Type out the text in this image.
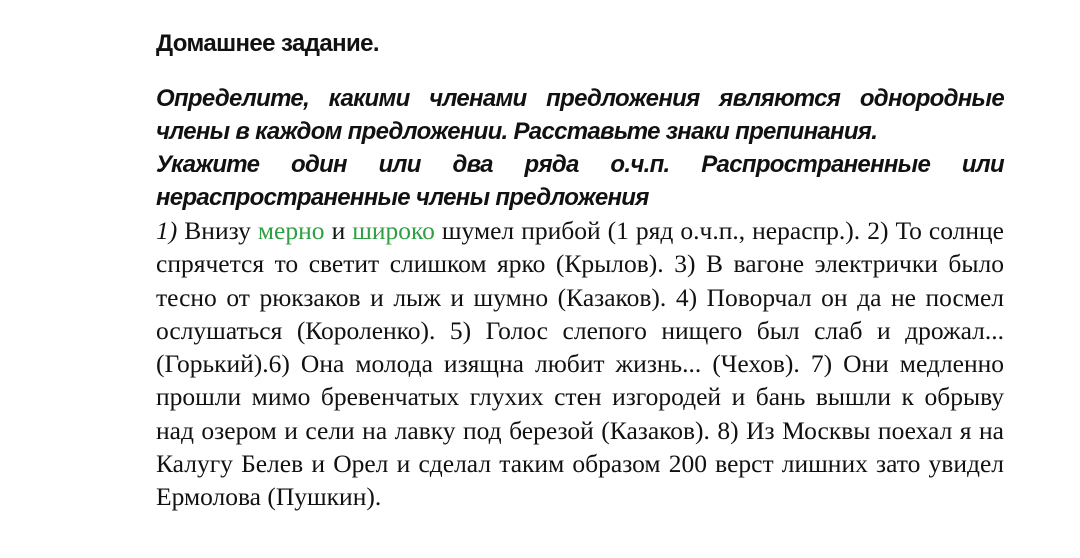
Домашнее задание.

Определите, какими членами предложения являются однородные члены в каждом предложении. Расставьте знаки препинания.

Укажите один или два ряда о.ч.п. Распространенные или нераспространенные члены предложения

1) Внизу мерно и широко шумел прибой (1 ряд о.ч.п., нераспр.). 2) То солнце спрячется то светит слишком ярко (Крылов). 3) В вагоне электрички было тесно от рюкзаков и лыж и шумно (Казаков). 4) Поворчал он да не посмел ослушаться (Короленко). 5) Голос слепого нищего был слаб и дрожал... (Горький).6) Она молода изящна любит жизнь... (Чехов). 7) Они медленно прошли мимо бревенчатых глухих стен изгородей и бань вышли к обрыву над озером и сели на лавку под березой (Казаков). 8) Из Москвы поехал я на Калугу Белев и Орел и сделал таким образом 200 верст лишних зато увидел Ермолова (Пушкин).
